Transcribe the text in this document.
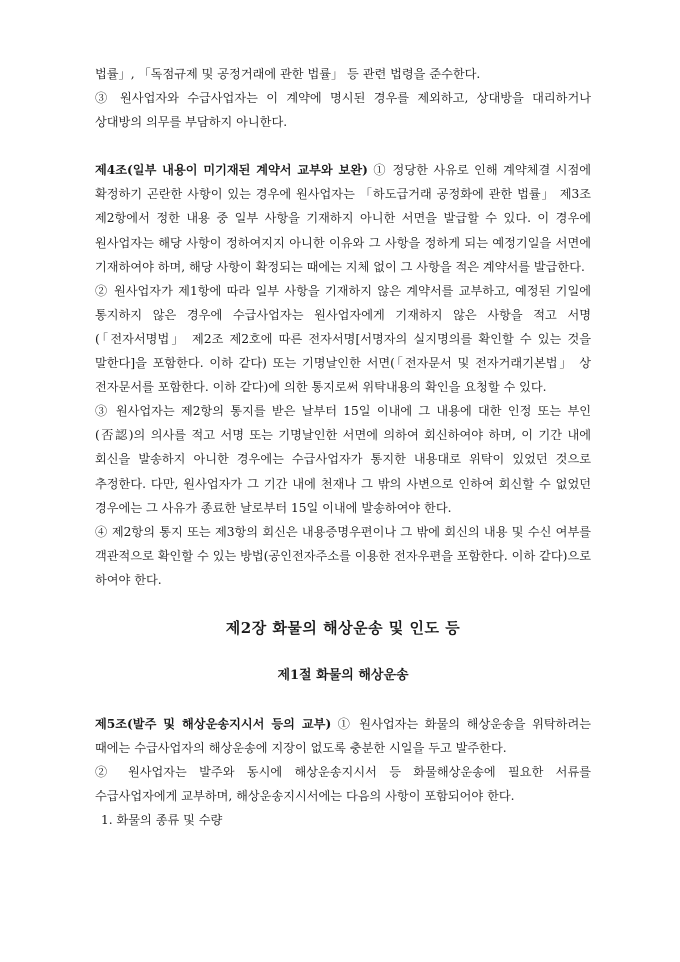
법률」, 「독점규제 및 공정거래에 관한 법률」 등 관련 법령을 준수한다.

③ 원사업자와 수급사업자는 이 계약에 명시된 경우를 제외하고, 상대방을 대리하거나 상대방의 의무를 부담하지 아니한다.

제4조(일부 내용이 미기재된 계약서 교부와 보완) ① 정당한 사유로 인해 계약체결 시점에 확정하기 곤란한 사항이 있는 경우에 원사업자는 「하도급거래 공정화에 관한 법률」 제3조 제2항에서 정한 내용 중 일부 사항을 기재하지 아니한 서면을 발급할 수 있다. 이 경우에 원사업자는 해당 사항이 정하여지지 아니한 이유와 그 사항을 정하게 되는 예정기일을 서면에 기재하여야 하며, 해당 사항이 확정되는 때에는 지체 없이 그 사항을 적은 계약서를 발급한다.

② 원사업자가 제1항에 따라 일부 사항을 기재하지 않은 계약서를 교부하고, 예정된 기일에 통지하지 않은 경우에 수급사업자는 원사업자에게 기재하지 않은 사항을 적고 서명(「전자서명법」 제2조 제2호에 따른 전자서명[서명자의 실지명의를 확인할 수 있는 것을 말한다]을 포함한다. 이하 같다) 또는 기명날인한 서면(「전자문서 및 전자거래기본법」 상 전자문서를 포함한다. 이하 같다)에 의한 통지로써 위탁내용의 확인을 요청할 수 있다.

③ 원사업자는 제2항의 통지를 받은 날부터 15일 이내에 그 내용에 대한 인정 또는 부인(否認)의 의사를 적고 서명 또는 기명날인한 서면에 의하여 회신하여야 하며, 이 기간 내에 회신을 발송하지 아니한 경우에는 수급사업자가 통지한 내용대로 위탁이 있었던 것으로 추정한다. 다만, 원사업자가 그 기간 내에 천재나 그 밖의 사변으로 인하여 회신할 수 없었던 경우에는 그 사유가 종료한 날로부터 15일 이내에 발송하여야 한다.

④ 제2항의 통지 또는 제3항의 회신은 내용증명우편이나 그 밖에 회신의 내용 및 수신 여부를 객관적으로 확인할 수 있는 방법(공인전자주소를 이용한 전자우편을 포함한다. 이하 같다)으로 하여야 한다.

제2장 화물의 해상운송 및 인도 등

제1절 화물의 해상운송

제5조(발주 및 해상운송지시서 등의 교부) ① 원사업자는 화물의 해상운송을 위탁하려는 때에는 수급사업자의 해상운송에 지장이 없도록 충분한 시일을 두고 발주한다.

② 원사업자는 발주와 동시에 해상운송지시서 등 화물해상운송에 필요한 서류를 수급사업자에게 교부하며, 해상운송지시서에는 다음의 사항이 포함되어야 한다.

1. 화물의 종류 및 수량
